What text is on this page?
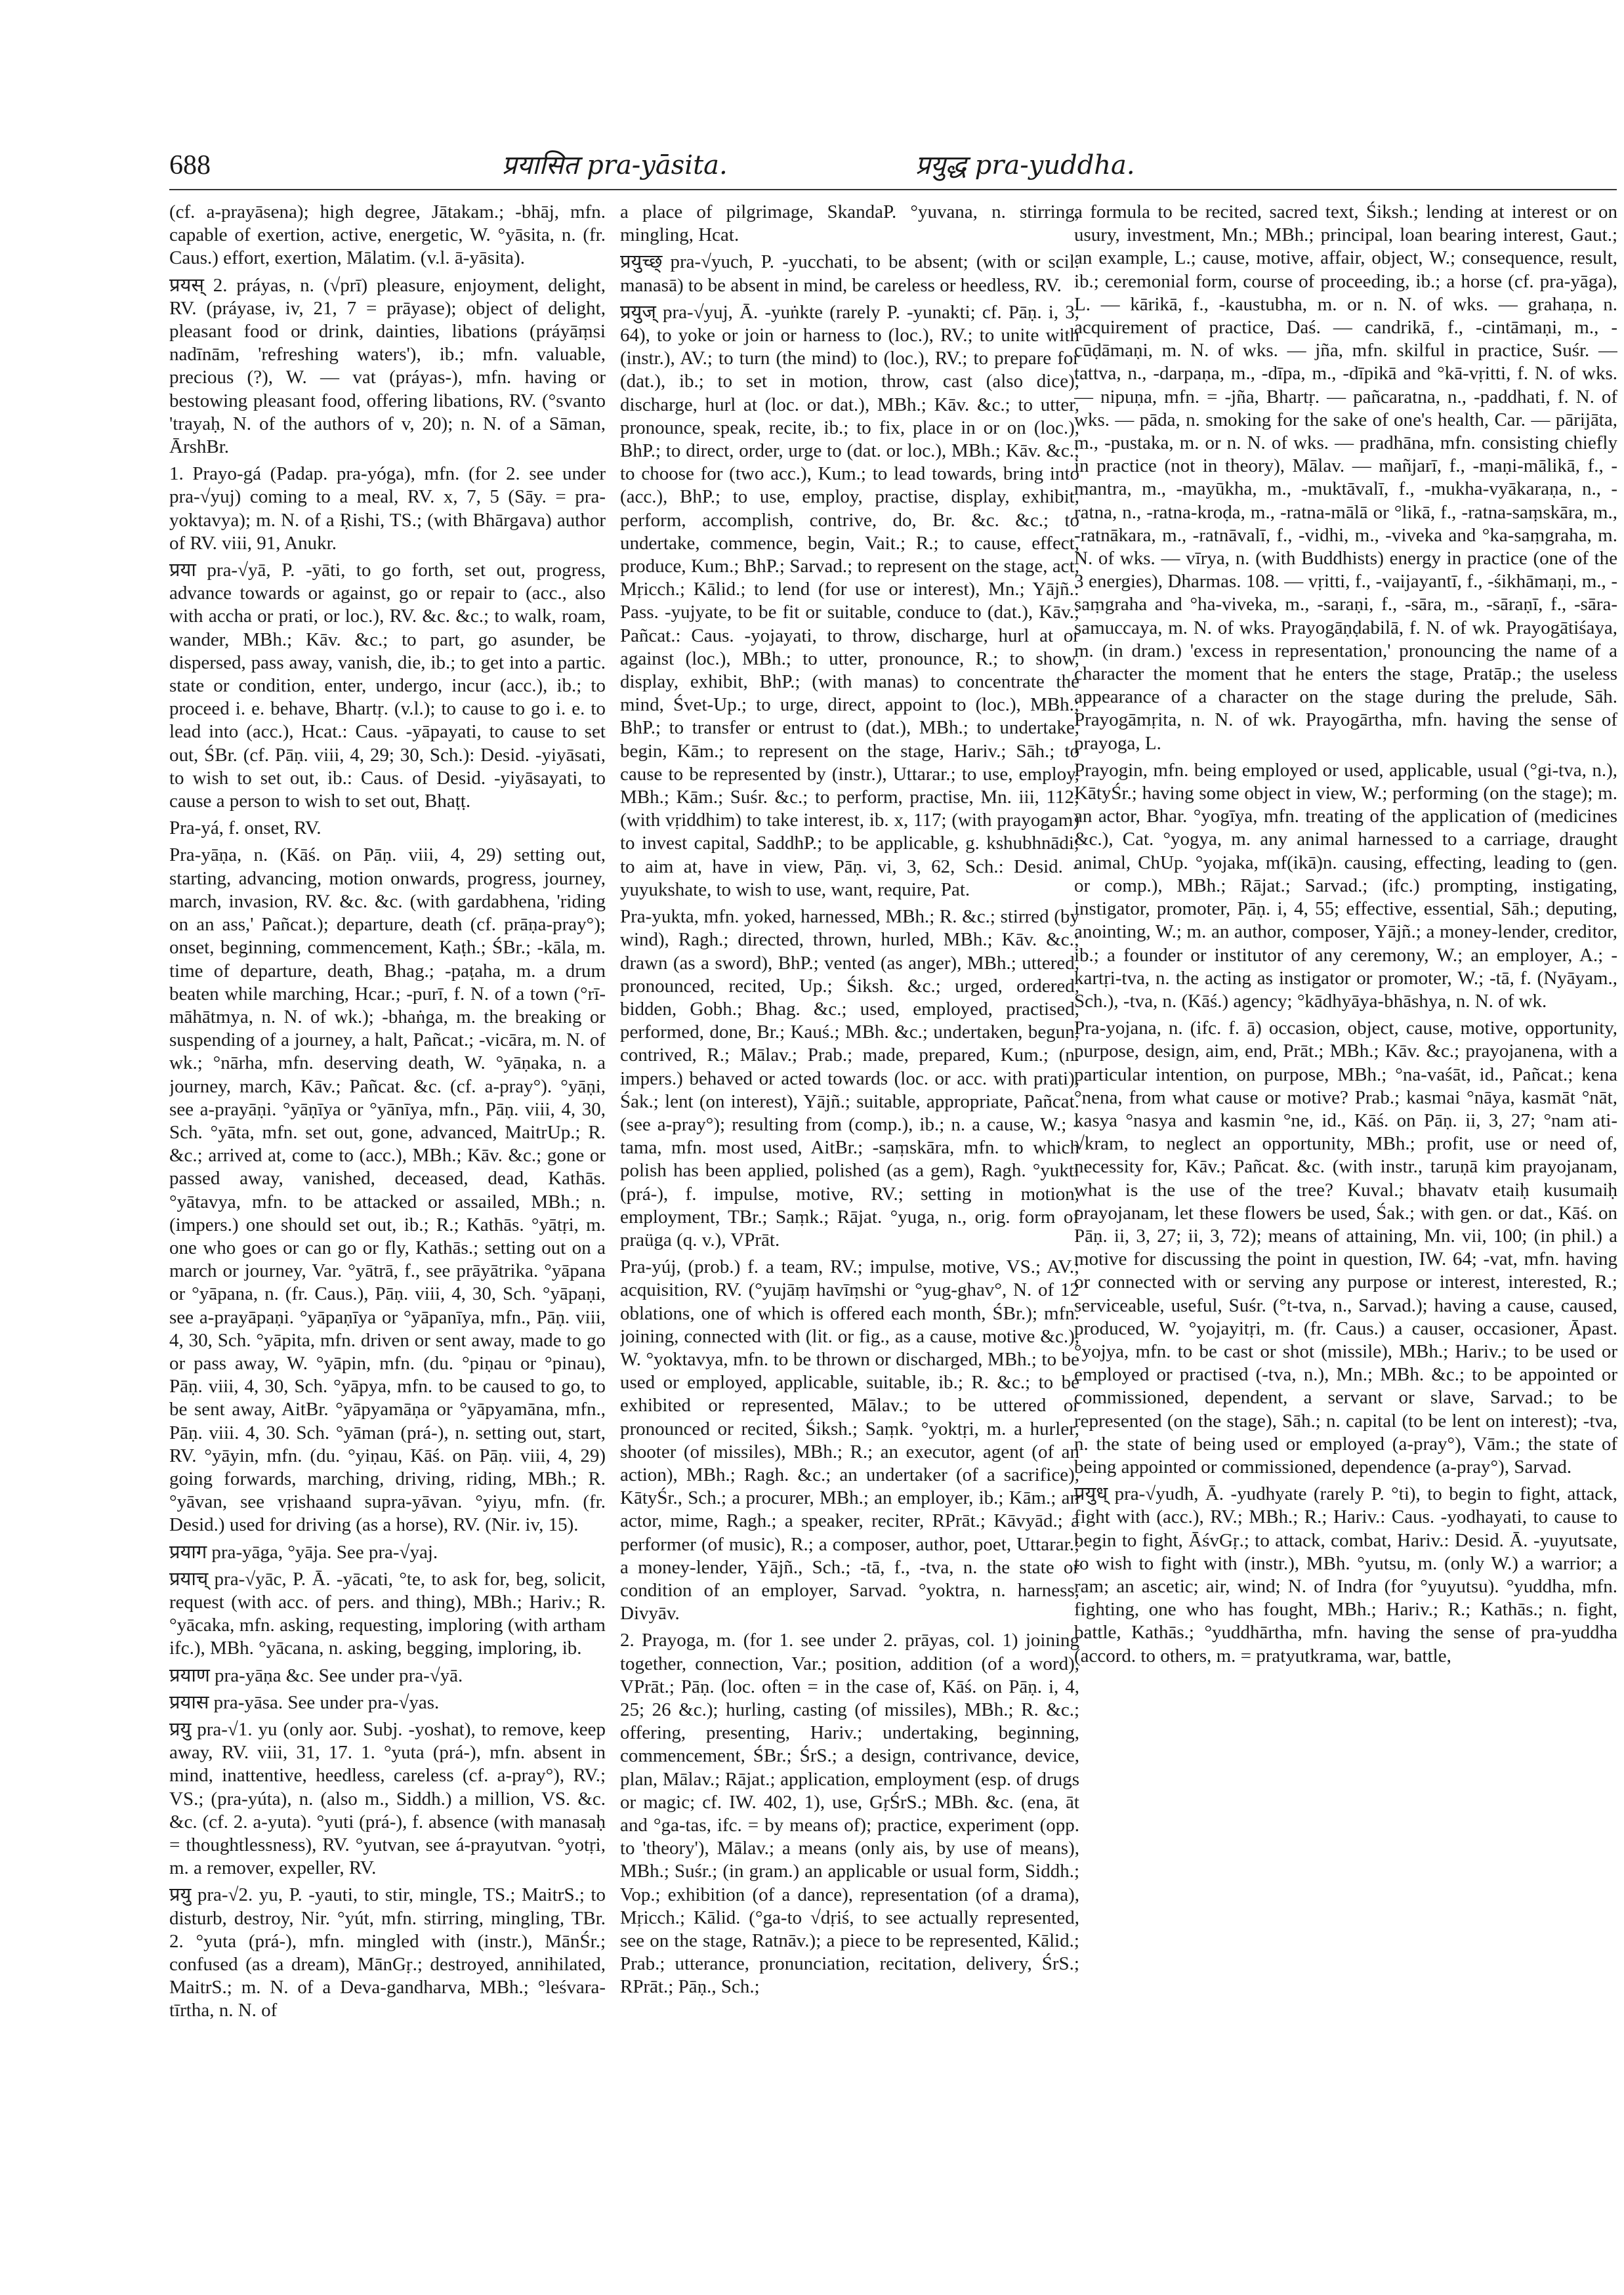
688	प्रयासित pra-yāsita.	प्रयुद्ध pra-yuddha.

(cf. a-prayāsena); high degree, Jātakam.; -bhāj, mfn. capable of exertion, active, energetic, W. °yāsita, n. (fr. Caus.) effort, exertion, Mālatim. (v.l. ā-yāsita).

प्रयस् 2. práyas, n. (√prī) pleasure, enjoyment, delight, RV. (práyase, iv, 21, 7 = prāyase); object of delight, pleasant food or drink, dainties, libations (práyāṃsi nadīnām, 'refreshing waters'), ib.; mfn. valuable, precious (?), W. — vat (práyas-), mfn. having or bestowing pleasant food, offering libations, RV. (°svanto 'trayaḥ, N. of the authors of v, 20); n. N. of a Sāman, ĀrshBr.

1. Prayo-gá (Padap. pra-yóga), mfn. (for 2. see under pra-√yuj) coming to a meal, RV. x, 7, 5 (Sāy. = pra-yoktavya); m. N. of a Ṛishi, TS.; (with Bhārgava) author of RV. viii, 91, Anukr.

प्रया pra-√yā, P. -yāti, to go forth, set out, progress, advance towards or against, go or repair to (acc., also with accha or prati, or loc.), RV. &c. &c.; to walk, roam, wander, MBh.; Kāv. &c.; to part, go asunder, be dispersed, pass away, vanish, die, ib.; to get into a partic. state or condition, enter, undergo, incur (acc.), ib.; to proceed i. e. behave, Bhartṛ. (v.l.); to cause to go i. e. to lead into (acc.), Hcat.: Caus. -yāpayati, to cause to set out, ŚBr. (cf. Pāṇ. viii, 4, 29; 30, Sch.): Desid. -yiyāsati, to wish to set out, ib.: Caus. of Desid. -yiyāsayati, to cause a person to wish to set out, Bhaṭṭ.

Pra-yá, f. onset, RV.

Pra-yāṇa, n. (Kāś. on Pāṇ. viii, 4, 29) setting out, starting, advancing, motion onwards, progress, journey, march, invasion, RV. &c. &c. (with gardabhena, 'riding on an ass,' Pañcat.); departure, death (cf. prāṇa-pray°); onset, beginning, commencement, Kaṭh.; ŚBr.; -kāla, m. time of departure, death, Bhag.; -paṭaha, m. a drum beaten while marching, Hcar.; -purī, f. N. of a town (°rī-māhātmya, n. N. of wk.); -bhaṅga, m. the breaking or suspending of a journey, a halt, Pañcat.; -vicāra, m. N. of wk.; °nārha, mfn. deserving death, W. °yāṇaka, n. a journey, march, Kāv.; Pañcat. &c. (cf. a-pray°). °yāṇi, see a-prayāṇi. °yāṇīya or °yānīya, mfn., Pāṇ. viii, 4, 30, Sch. °yāta, mfn. set out, gone, advanced, MaitrUp.; R. &c.; arrived at, come to (acc.), MBh.; Kāv. &c.; gone or passed away, vanished, deceased, dead, Kathās. °yātavya, mfn. to be attacked or assailed, MBh.; n. (impers.) one should set out, ib.; R.; Kathās. °yātṛi, m. one who goes or can go or fly, Kathās.; setting out on a march or journey, Var. °yātrā, f., see prāyātrika. °yāpana or °yāpana, n. (fr. Caus.), Pāṇ. viii, 4, 30, Sch. °yāpaṇi, see a-prayāpaṇi. °yāpaṇīya or °yāpanīya, mfn., Pāṇ. viii, 4, 30, Sch. °yāpita, mfn. driven or sent away, made to go or pass away, W. °yāpin, mfn. (du. °piṇau or °pinau), Pāṇ. viii, 4, 30, Sch. °yāpya, mfn. to be caused to go, to be sent away, AitBr. °yāpyamāṇa or °yāpyamāna, mfn., Pāṇ. viii. 4, 30. Sch. °yāman (prá-), n. setting out, start, RV. °yāyin, mfn. (du. °yiṇau, Kāś. on Pāṇ. viii, 4, 29) going forwards, marching, driving, riding, MBh.; R. °yāvan, see vṛishaand supra-yāvan. °yiyu, mfn. (fr. Desid.) used for driving (as a horse), RV. (Nir. iv, 15).

प्रयाग pra-yāga, °yāja. See pra-√yaj.

प्रयाच् pra-√yāc, P. Ā. -yācati, °te, to ask for, beg, solicit, request (with acc. of pers. and thing), MBh.; Hariv.; R. °yācaka, mfn. asking, requesting, imploring (with artham ifc.), MBh. °yācana, n. asking, begging, imploring, ib.

प्रयाण pra-yāṇa &c. See under pra-√yā.

प्रयास pra-yāsa. See under pra-√yas.

प्रयु pra-√1. yu (only aor. Subj. -yoshat), to remove, keep away, RV. viii, 31, 17. 1. °yuta (prá-), mfn. absent in mind, inattentive, heedless, careless (cf. a-pray°), RV.; VS.; (pra-yúta), n. (also m., Siddh.) a million, VS. &c. &c. (cf. 2. a-yuta). °yuti (prá-), f. absence (with manasaḥ = thoughtlessness), RV. °yutvan, see á-prayutvan. °yotṛi, m. a remover, expeller, RV.

प्रयु pra-√2. yu, P. -yauti, to stir, mingle, TS.; MaitrS.; to disturb, destroy, Nir. °yút, mfn. stirring, mingling, TBr. 2. °yuta (prá-), mfn. mingled with (instr.), MānŚr.; confused (as a dream), MānGṛ.; destroyed, annihilated, MaitrS.; m. N. of a Deva-gandharva, MBh.; °leśvara-tīrtha, n. N. of

a place of pilgrimage, SkandaP. °yuvana, n. stirring, mingling, Hcat.

प्रयुच्छ् pra-√yuch, P. -yucchati, to be absent; (with or scil. manasā) to be absent in mind, be careless or heedless, RV.

प्रयुज् pra-√yuj, Ā. -yuṅkte (rarely P. -yunakti; cf. Pāṇ. i, 3, 64), to yoke or join or harness to (loc.), RV.; to unite with (instr.), AV.; to turn (the mind) to (loc.), RV.; to prepare for (dat.), ib.; to set in motion, throw, cast (also dice), discharge, hurl at (loc. or dat.), MBh.; Kāv. &c.; to utter, pronounce, speak, recite, ib.; to fix, place in or on (loc.), BhP.; to direct, order, urge to (dat. or loc.), MBh.; Kāv. &c.; to choose for (two acc.), Kum.; to lead towards, bring into (acc.), BhP.; to use, employ, practise, display, exhibit, perform, accomplish, contrive, do, Br. &c. &c.; to undertake, commence, begin, Vait.; R.; to cause, effect, produce, Kum.; BhP.; Sarvad.; to represent on the stage, act, Mṛicch.; Kālid.; to lend (for use or interest), Mn.; Yājñ.: Pass. -yujyate, to be fit or suitable, conduce to (dat.), Kāv.; Pañcat.: Caus. -yojayati, to throw, discharge, hurl at or against (loc.), MBh.; to utter, pronounce, R.; to show, display, exhibit, BhP.; (with manas) to concentrate the mind, Śvet-Up.; to urge, direct, appoint to (loc.), MBh.; BhP.; to transfer or entrust to (dat.), MBh.; to undertake, begin, Kām.; to represent on the stage, Hariv.; Sāh.; to cause to be represented by (instr.), Uttarar.; to use, employ, MBh.; Kām.; Suśr. &c.; to perform, practise, Mn. iii, 112; (with vṛiddhim) to take interest, ib. x, 117; (with prayogam) to invest capital, SaddhP.; to be applicable, g. kshubhnādi; to aim at, have in view, Pāṇ. vi, 3, 62, Sch.: Desid. -yuyukshate, to wish to use, want, require, Pat.

Pra-yukta, mfn. yoked, harnessed, MBh.; R. &c.; stirred (by wind), Ragh.; directed, thrown, hurled, MBh.; Kāv. &c.; drawn (as a sword), BhP.; vented (as anger), MBh.; uttered, pronounced, recited, Up.; Śiksh. &c.; urged, ordered, bidden, Gobh.; Bhag. &c.; used, employed, practised, performed, done, Br.; Kauś.; MBh. &c.; undertaken, begun, contrived, R.; Mālav.; Prab.; made, prepared, Kum.; (n. impers.) behaved or acted towards (loc. or acc. with prati), Śak.; lent (on interest), Yājñ.; suitable, appropriate, Pañcat. (see a-pray°); resulting from (comp.), ib.; n. a cause, W.; -tama, mfn. most used, AitBr.; -saṃskāra, mfn. to which polish has been applied, polished (as a gem), Ragh. °yukti (prá-), f. impulse, motive, RV.; setting in motion, employment, TBr.; Saṃk.; Rājat. °yuga, n., orig. form of praüga (q. v.), VPrāt.

Pra-yúj, (prob.) f. a team, RV.; impulse, motive, VS.; AV.; acquisition, RV. (°yujāṃ havīṃshi or °yug-ghav°, N. of 12 oblations, one of which is offered each month, ŚBr.); mfn. joining, connected with (lit. or fig., as a cause, motive &c.), W. °yoktavya, mfn. to be thrown or discharged, MBh.; to be used or employed, applicable, suitable, ib.; R. &c.; to be exhibited or represented, Mālav.; to be uttered or pronounced or recited, Śiksh.; Saṃk. °yoktṛi, m. a hurler, shooter (of missiles), MBh.; R.; an executor, agent (of an action), MBh.; Ragh. &c.; an undertaker (of a sacrifice), KātyŚr., Sch.; a procurer, MBh.; an employer, ib.; Kām.; an actor, mime, Ragh.; a speaker, reciter, RPrāt.; Kāvyād.; a performer (of music), R.; a composer, author, poet, Uttarar.; a money-lender, Yājñ., Sch.; -tā, f., -tva, n. the state or condition of an employer, Sarvad. °yoktra, n. harness, Divyāv.

2. Prayoga, m. (for 1. see under 2. prāyas, col. 1) joining together, connection, Var.; position, addition (of a word), VPrāt.; Pāṇ. (loc. often = in the case of, Kāś. on Pāṇ. i, 4, 25; 26 &c.); hurling, casting (of missiles), MBh.; R. &c.; offering, presenting, Hariv.; undertaking, beginning, commencement, ŚBr.; ŚrS.; a design, contrivance, device, plan, Mālav.; Rājat.; application, employment (esp. of drugs or magic; cf. IW. 402, 1), use, GṛŚrS.; MBh. &c. (ena, āt and °ga-tas, ifc. = by means of); practice, experiment (opp. to 'theory'), Mālav.; a means (only ais, by use of means), MBh.; Suśr.; (in gram.) an applicable or usual form, Siddh.; Vop.; exhibition (of a dance), representation (of a drama), Mṛicch.; Kālid. (°ga-to √dṛiś, to see actually represented, see on the stage, Ratnāv.); a piece to be represented, Kālid.; Prab.; utterance, pronunciation, recitation, delivery, ŚrS.; RPrāt.; Pāṇ., Sch.;

a formula to be recited, sacred text, Śiksh.; lending at interest or on usury, investment, Mn.; MBh.; principal, loan bearing interest, Gaut.; an example, L.; cause, motive, affair, object, W.; consequence, result, ib.; ceremonial form, course of proceeding, ib.; a horse (cf. pra-yāga), L. — kārikā, f., -kaustubha, m. or n. N. of wks. — grahaṇa, n. acquirement of practice, Daś. — candrikā, f., -cintāmaṇi, m., -cūḍāmaṇi, m. N. of wks. — jña, mfn. skilful in practice, Suśr. — tattva, n., -darpaṇa, m., -dīpa, m., -dīpikā and °kā-vṛitti, f. N. of wks. — nipuṇa, mfn. = -jña, Bhartṛ. — pañcaratna, n., -paddhati, f. N. of wks. — pāda, n. smoking for the sake of one's health, Car. — pārijāta, m., -pustaka, m. or n. N. of wks. — pradhāna, mfn. consisting chiefly in practice (not in theory), Mālav. — mañjarī, f., -maṇi-mālikā, f., -mantra, m., -mayūkha, m., -muktāvalī, f., -mukha-vyākaraṇa, n., -ratna, n., -ratna-kroḍa, m., -ratna-mālā or °likā, f., -ratna-saṃskāra, m., -ratnākara, m., -ratnāvalī, f., -vidhi, m., -viveka and °ka-saṃgraha, m. N. of wks. — vīrya, n. (with Buddhists) energy in practice (one of the 3 energies), Dharmas. 108. — vṛitti, f., -vaijayantī, f., -śikhāmaṇi, m., -saṃgraha and °ha-viveka, m., -saraṇi, f., -sāra, m., -sāraṇī, f., -sāra-samuccaya, m. N. of wks. Prayogāṇḍabilā, f. N. of wk. Prayogātiśaya, m. (in dram.) 'excess in representation,' pronouncing the name of a character the moment that he enters the stage, Pratāp.; the useless appearance of a character on the stage during the prelude, Sāh. Prayogāmṛita, n. N. of wk. Prayogārtha, mfn. having the sense of prayoga, L.

Prayogin, mfn. being employed or used, applicable, usual (°gi-tva, n.), KātyŚr.; having some object in view, W.; performing (on the stage); m. an actor, Bhar. °yogīya, mfn. treating of the application of (medicines &c.), Cat. °yogya, m. any animal harnessed to a carriage, draught animal, ChUp. °yojaka, mf(ikā)n. causing, effecting, leading to (gen. or comp.), MBh.; Rājat.; Sarvad.; (ifc.) prompting, instigating, instigator, promoter, Pāṇ. i, 4, 55; effective, essential, Sāh.; deputing, anointing, W.; m. an author, composer, Yājñ.; a money-lender, creditor, ib.; a founder or institutor of any ceremony, W.; an employer, A.; -kartṛi-tva, n. the acting as instigator or promoter, W.; -tā, f. (Nyāyam., Sch.), -tva, n. (Kāś.) agency; °kādhyāya-bhāshya, n. N. of wk.

Pra-yojana, n. (ifc. f. ā) occasion, object, cause, motive, opportunity, purpose, design, aim, end, Prāt.; MBh.; Kāv. &c.; prayojanena, with a particular intention, on purpose, MBh.; °na-vaśāt, id., Pañcat.; kena °nena, from what cause or motive? Prab.; kasmai °nāya, kasmāt °nāt, kasya °nasya and kasmin °ne, id., Kāś. on Pāṇ. ii, 3, 27; °nam ati-√kram, to neglect an opportunity, MBh.; profit, use or need of, necessity for, Kāv.; Pañcat. &c. (with instr., taruṇā kim prayojanam, what is the use of the tree? Kuval.; bhavatv etaiḥ kusumaiḥ prayojanam, let these flowers be used, Śak.; with gen. or dat., Kāś. on Pāṇ. ii, 3, 27; ii, 3, 72); means of attaining, Mn. vii, 100; (in phil.) a motive for discussing the point in question, IW. 64; -vat, mfn. having or connected with or serving any purpose or interest, interested, R.; serviceable, useful, Suśr. (°t-tva, n., Sarvad.); having a cause, caused, produced, W. °yojayitṛi, m. (fr. Caus.) a causer, occasioner, Āpast. °yojya, mfn. to be cast or shot (missile), MBh.; Hariv.; to be used or employed or practised (-tva, n.), Mn.; MBh. &c.; to be appointed or commissioned, dependent, a servant or slave, Sarvad.; to be represented (on the stage), Sāh.; n. capital (to be lent on interest); -tva, n. the state of being used or employed (a-pray°), Vām.; the state of being appointed or commissioned, dependence (a-pray°), Sarvad.

प्रयुध् pra-√yudh, Ā. -yudhyate (rarely P. °ti), to begin to fight, attack, fight with (acc.), RV.; MBh.; R.; Hariv.: Caus. -yodhayati, to cause to begin to fight, ĀśvGṛ.; to attack, combat, Hariv.: Desid. Ā. -yuyutsate, to wish to fight with (instr.), MBh. °yutsu, m. (only W.) a warrior; a ram; an ascetic; air, wind; N. of Indra (for °yuyutsu). °yuddha, mfn. fighting, one who has fought, MBh.; Hariv.; R.; Kathās.; n. fight, battle, Kathās.; °yuddhārtha, mfn. having the sense of pra-yuddha (accord. to others, m. = pratyutkrama, war, battle,
